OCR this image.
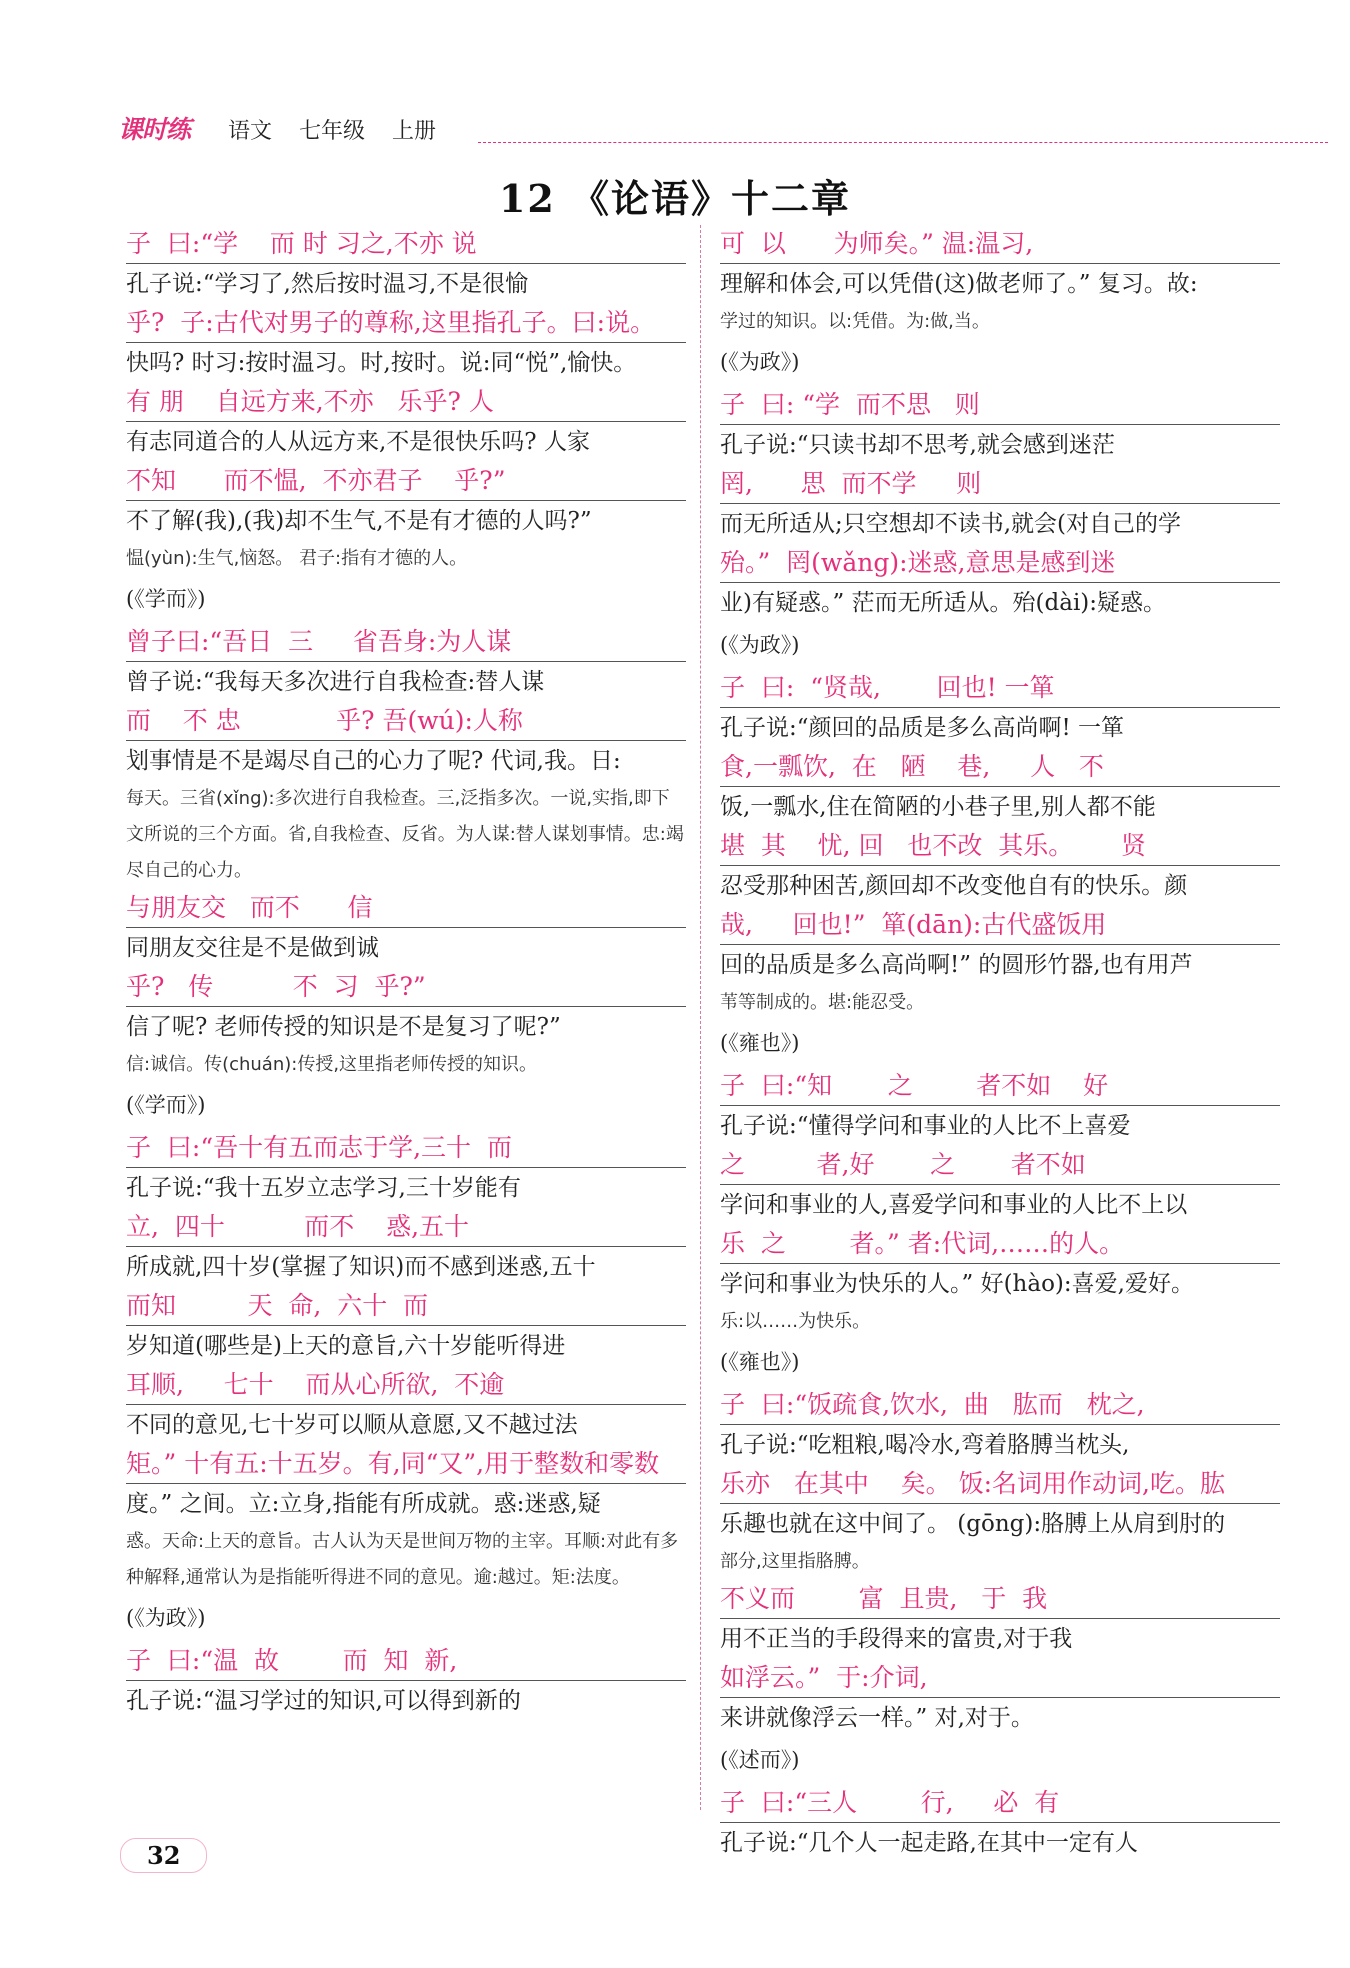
课时练 语文 七年级 上册
12 《论语》十二章
子  曰:“学    而 时 习之,不亦 说
孔子说:“学习了,然后按时温习,不是很愉
乎?  子:古代对男子的尊称,这里指孔子。曰:说。
快吗? 时习:按时温习。时,按时。说:同“悦”,愉快。
有 朋    自远方来,不亦   乐乎? 人
有志同道合的人从远方来,不是很快乐吗? 人家
不知      而不愠,  不亦君子    乎?”
不了解(我),(我)却不生气,不是有才德的人吗?”
愠(yùn):生气,恼怒。 君子:指有才德的人。
(《学而》)
曾子曰:“吾日  三     省吾身:为人谋
曾子说:“我每天多次进行自我检查:替人谋
而    不 忠            乎? 吾(wú):人称
划事情是不是竭尽自己的心力了呢? 代词,我。日:
每天。三省(xǐng):多次进行自我检查。三,泛指多次。一说,实指,即下文所说的三个方面。省,自我检查、反省。为人谋:替人谋划事情。忠:竭尽自己的心力。
与朋友交   而不      信
同朋友交往是不是做到诚
乎?   传          不  习  乎?”
信了呢? 老师传授的知识是不是复习了呢?”
信:诚信。传(chuán):传授,这里指老师传授的知识。
(《学而》)
子  曰:“吾十有五而志于学,三十  而
孔子说:“我十五岁立志学习,三十岁能有
立,  四十          而不    惑,五十
所成就,四十岁(掌握了知识)而不感到迷惑,五十
而知         天  命,  六十  而
岁知道(哪些是)上天的意旨,六十岁能听得进
耳顺,     七十    而从心所欲,  不逾
不同的意见,七十岁可以顺从意愿,又不越过法
矩。” 十有五:十五岁。有,同“又”,用于整数和零数
度。” 之间。立:立身,指能有所成就。惑:迷惑,疑
惑。天命:上天的意旨。古人认为天是世间万物的主宰。耳顺:对此有多种解释,通常认为是指能听得进不同的意见。逾:越过。矩:法度。
(《为政》)
子  曰:“温  故        而  知  新,
孔子说:“温习学过的知识,可以得到新的
可  以      为师矣。” 温:温习,
理解和体会,可以凭借(这)做老师了。” 复习。故:
学过的知识。以:凭借。为:做,当。
(《为政》)
子  曰: “学  而不思   则
孔子说:“只读书却不思考,就会感到迷茫
罔,      思  而不学     则
而无所适从;只空想却不读书,就会(对自己的学
殆。”  罔(wǎng):迷惑,意思是感到迷
业)有疑惑。” 茫而无所适从。殆(dài):疑惑。
(《为政》)
子  曰:  “贤哉,       回也! 一箪
孔子说:“颜回的品质是多么高尚啊! 一箪
食,一瓢饮,  在   陋    巷,     人   不
饭,一瓢水,住在简陋的小巷子里,别人都不能
堪  其    忧, 回   也不改  其乐。      贤
忍受那种困苦,颜回却不改变他自有的快乐。颜
哉,     回也!”  箪(dān):古代盛饭用
回的品质是多么高尚啊!” 的圆形竹器,也有用芦
苇等制成的。堪:能忍受。
(《雍也》)
子  曰:“知       之        者不如    好
孔子说:“懂得学问和事业的人比不上喜爱
之         者,好       之       者不如
学问和事业的人,喜爱学问和事业的人比不上以
乐  之        者。” 者:代词,……的人。
学问和事业为快乐的人。” 好(hào):喜爱,爱好。
乐:以……为快乐。
(《雍也》)
子  曰:“饭疏食,饮水,  曲   肱而   枕之,
孔子说:“吃粗粮,喝冷水,弯着胳膊当枕头,
乐亦   在其中    矣。 饭:名词用作动词,吃。肱
乐趣也就在这中间了。 (gōng):胳膊上从肩到肘的
部分,这里指胳膊。
不义而        富  且贵,   于  我
用不正当的手段得来的富贵,对于我
如浮云。”  于:介词,
来讲就像浮云一样。” 对,对于。
(《述而》)
子  曰:“三人        行,     必  有
孔子说:“几个人一起走路,在其中一定有人
32
